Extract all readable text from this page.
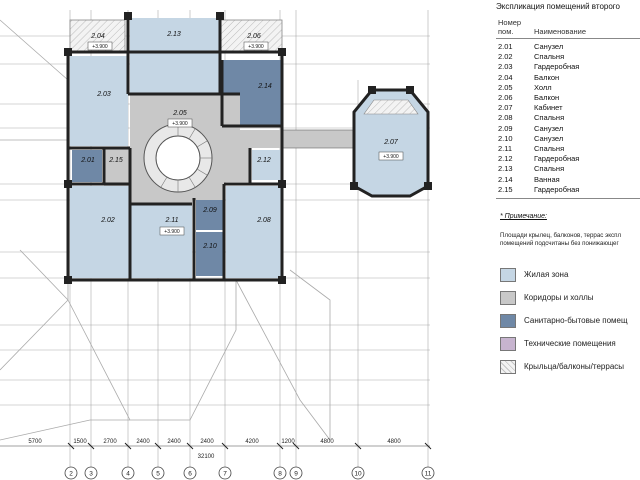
2.04
+3.900
2.06
+3.900
2.13
2.03
2.14
2.05
+3.900
2.01 2.15	2.12
2.07
+3.900
2.02	2.11
+3.900
2.09
2.10
2.08
5700	1500	2700	2400	2400	2400	4200	1200	4800	4800
32100
2	3	4	5	6	7	8 9	10	11
Экспликация помещений второго
Номер
пом.	Наименование
2.01	Санузел
2.02	Спальня
2.03	Гардеробная
2.04	Балкон
2.05	Холл
2.06	Балкон
2.07	Кабинет
2.08	Спальня
2.09	Санузел
2.10	Санузел
2.11	Спальня
2.12	Гардеробная
2.13	Спальня
2.14	Ванная
2.15	Гардеробная
* Примечание:
Площади крылец, балконов, террас экспл
помещений подсчитаны без понижающег
Жилая зона
Коридоры и холлы
Санитарно-бытовые помещ
Технические помещения
Крыльца/балконы/террасы
